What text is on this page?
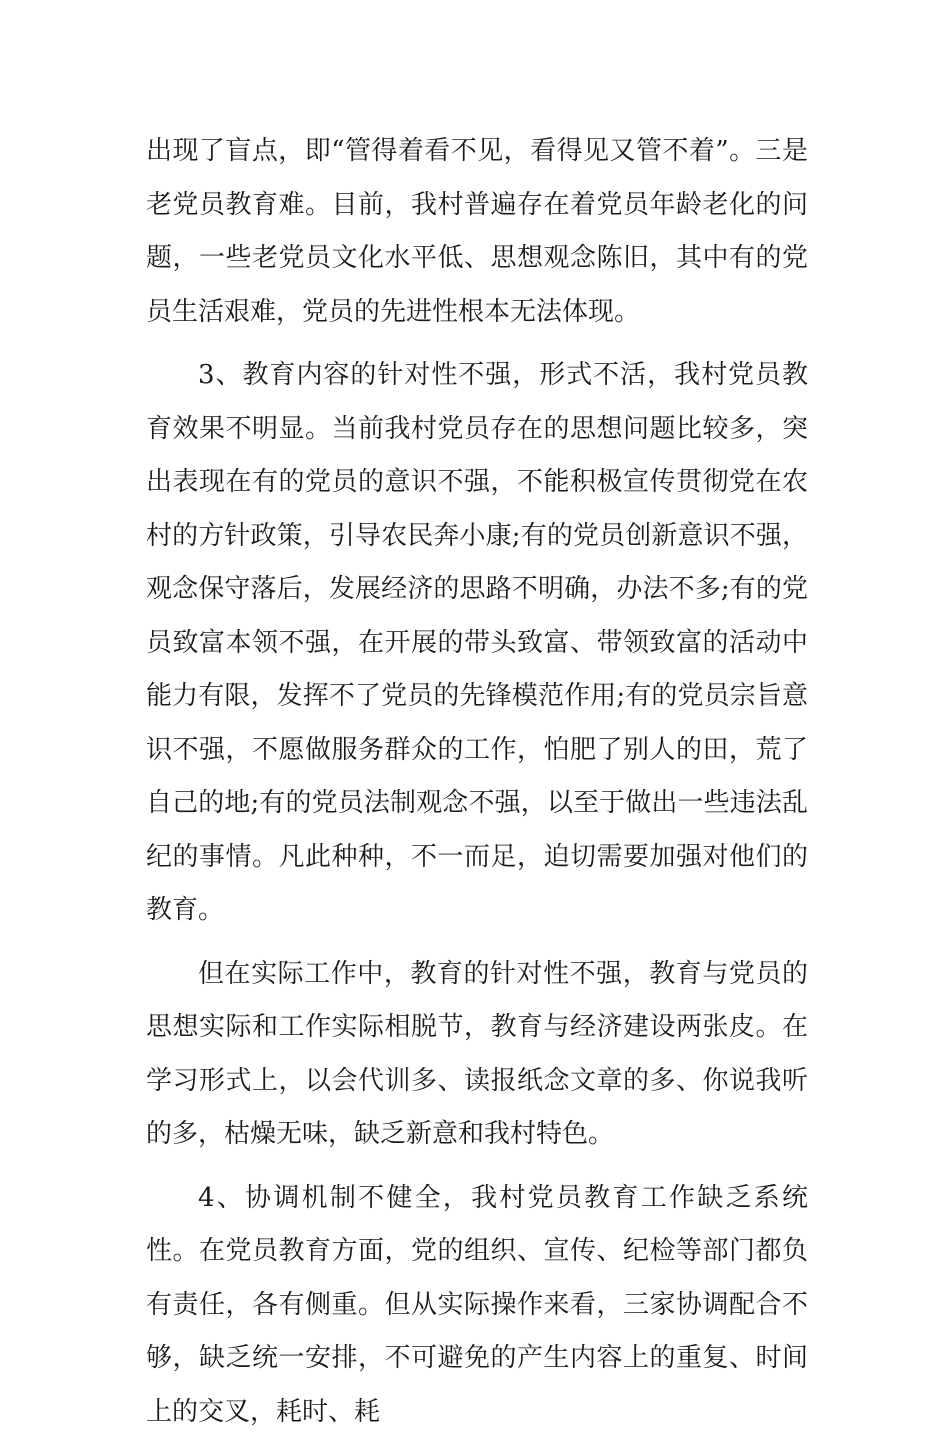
出现了盲点，即“管得着看不见，看得见又管不着”。三是老党员教育难。目前，我村普遍存在着党员年龄老化的问题，一些老党员文化水平低、思想观念陈旧，其中有的党员生活艰难，党员的先进性根本无法体现。

3、教育内容的针对性不强，形式不活，我村党员教育效果不明显。当前我村党员存在的思想问题比较多，突出表现在有的党员的意识不强，不能积极宣传贯彻党在农村的方针政策，引导农民奔小康;有的党员创新意识不强，观念保守落后，发展经济的思路不明确，办法不多;有的党员致富本领不强，在开展的带头致富、带领致富的活动中能力有限，发挥不了党员的先锋模范作用;有的党员宗旨意识不强，不愿做服务群众的工作，怕肥了别人的田，荒了自己的地;有的党员法制观念不强，以至于做出一些违法乱纪的事情。凡此种种，不一而足，迫切需要加强对他们的教育。

但在实际工作中，教育的针对性不强，教育与党员的思想实际和工作实际相脱节，教育与经济建设两张皮。在学习形式上，以会代训多、读报纸念文章的多、你说我听的多，枯燥无味，缺乏新意和我村特色。

4、协调机制不健全，我村党员教育工作缺乏系统性。在党员教育方面，党的组织、宣传、纪检等部门都负有责任，各有侧重。但从实际操作来看，三家协调配合不够，缺乏统一安排，不可避免的产生内容上的重复、时间上的交叉，耗时、耗
